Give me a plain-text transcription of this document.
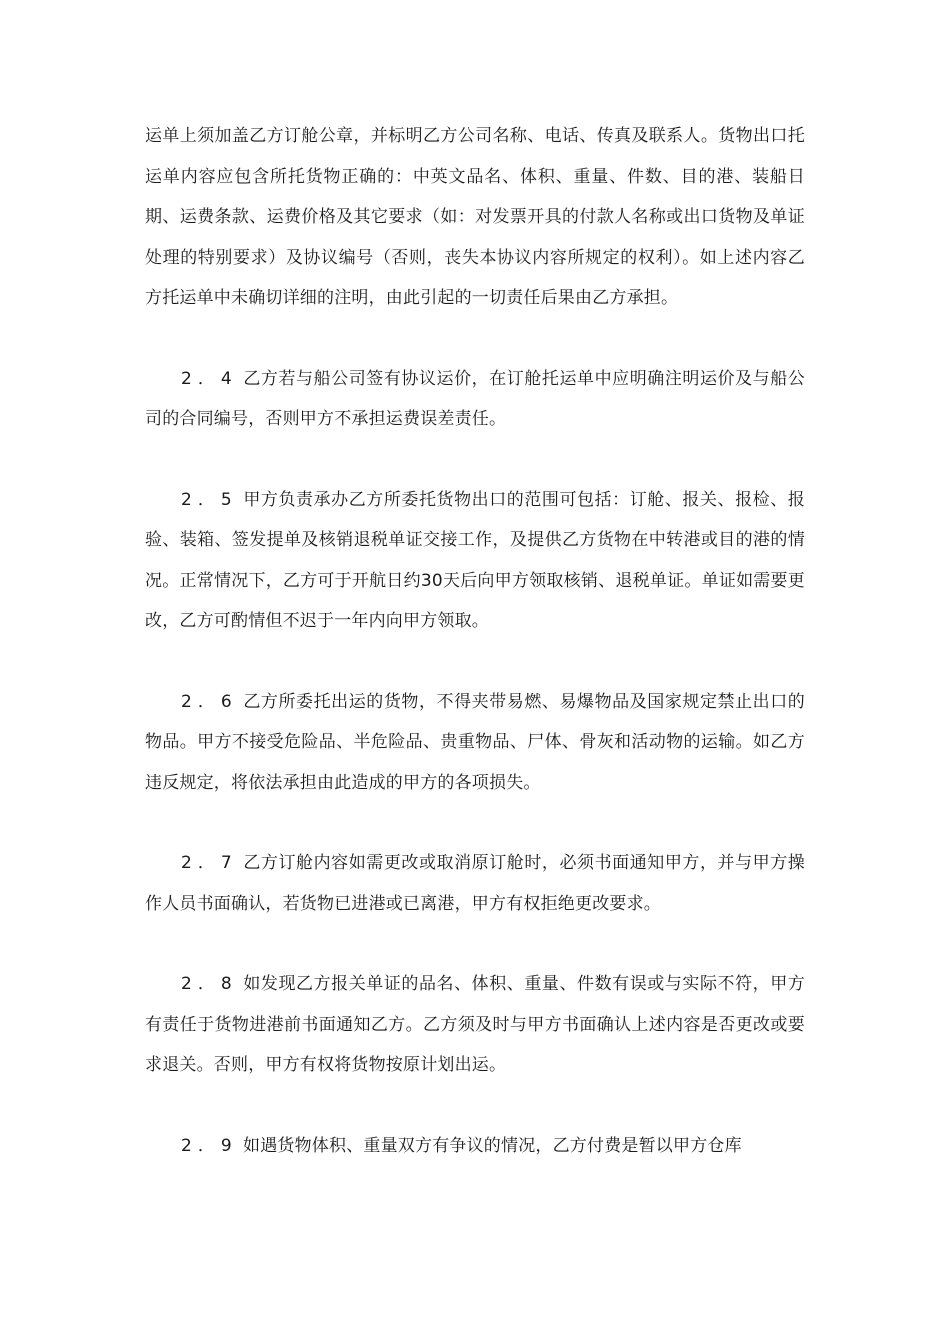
运单上须加盖乙方订舱公章，并标明乙方公司名称、电话、传真及联系人。货物出口托运单内容应包含所托货物正确的：中英文品名、体积、重量、件数、目的港、装船日期、运费条款、运费价格及其它要求（如：对发票开具的付款人名称或出口货物及单证处理的特别要求）及协议编号（否则，丧失本协议内容所规定的权利）。如上述内容乙方托运单中未确切详细的注明，由此引起的一切责任后果由乙方承担。

2．4 乙方若与船公司签有协议运价，在订舱托运单中应明确注明运价及与船公司的合同编号，否则甲方不承担运费误差责任。

2．5 甲方负责承办乙方所委托货物出口的范围可包括：订舱、报关、报检、报验、装箱、签发提单及核销退税单证交接工作，及提供乙方货物在中转港或目的港的情况。正常情况下，乙方可于开航日约30天后向甲方领取核销、退税单证。单证如需要更改，乙方可酌情但不迟于一年内向甲方领取。

2．6 乙方所委托出运的货物，不得夹带易燃、易爆物品及国家规定禁止出口的物品。甲方不接受危险品、半危险品、贵重物品、尸体、骨灰和活动物的运输。如乙方违反规定，将依法承担由此造成的甲方的各项损失。

2．7 乙方订舱内容如需更改或取消原订舱时，必须书面通知甲方，并与甲方操作人员书面确认，若货物已进港或已离港，甲方有权拒绝更改要求。

2．8 如发现乙方报关单证的品名、体积、重量、件数有误或与实际不符，甲方有责任于货物进港前书面通知乙方。乙方须及时与甲方书面确认上述内容是否更改或要求退关。否则，甲方有权将货物按原计划出运。

2．9 如遇货物体积、重量双方有争议的情况，乙方付费是暂以甲方仓库
